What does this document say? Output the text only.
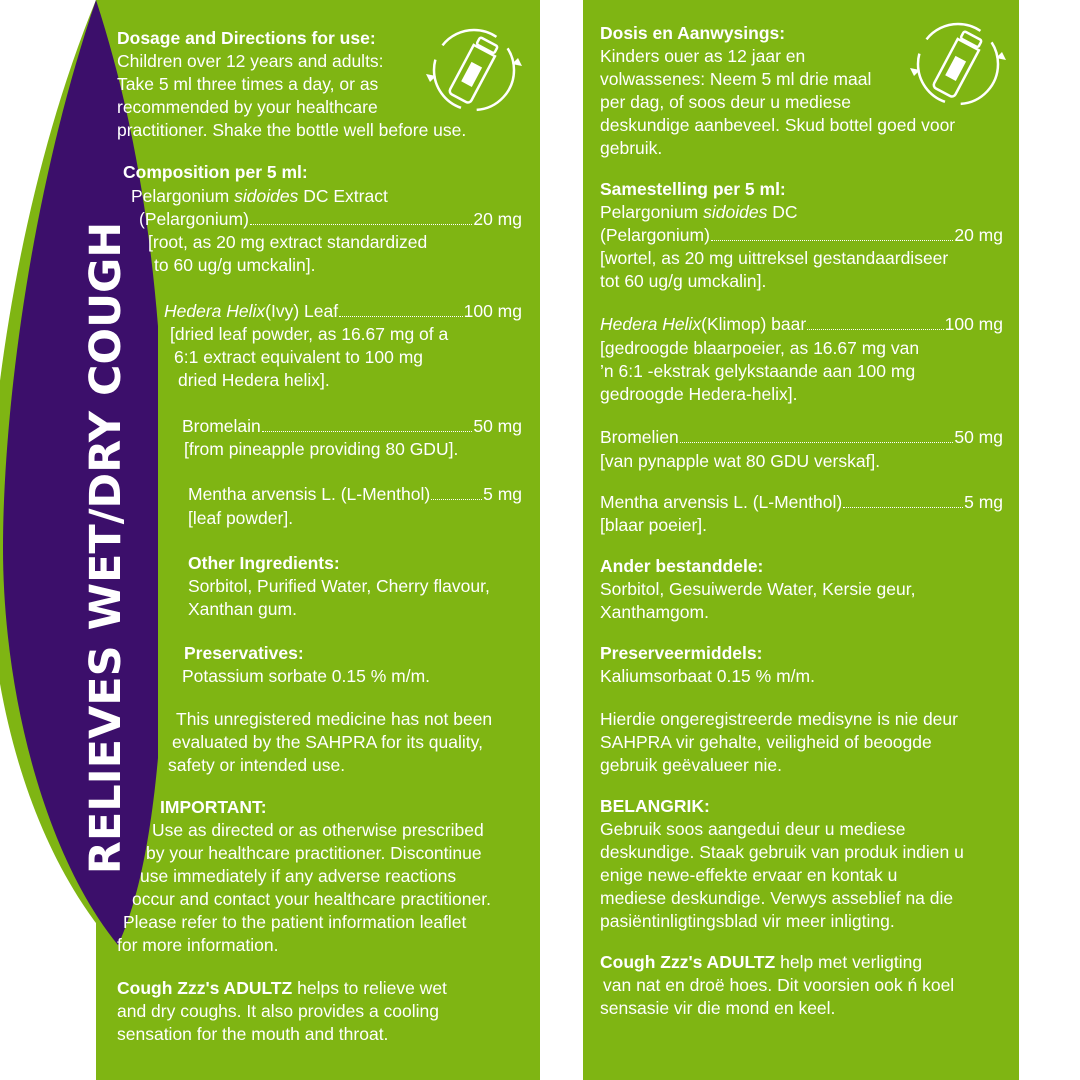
RELIEVES WET/DRY COUGH

Dosage and Directions for use:

Children over 12 years and adults:

Take 5 ml three times a day, or as

recommended by your healthcare

practitioner. Shake the bottle well before use.

Composition per 5 ml:

Pelargonium sidoides DC Extract

(Pelargonium)	20 mg

[root, as 20 mg extract standardized

to 60 ug/g umckalin].

Hedera Helix (Ivy) Leaf	100 mg

[dried leaf powder, as 16.67 mg of a

6:1 extract equivalent to 100 mg

dried Hedera helix].

Bromelain	50 mg

[from pineapple providing 80 GDU].

Mentha arvensis L. (L-Menthol)	5 mg

[leaf powder].

Other Ingredients:

Sorbitol, Purified Water, Cherry flavour,

Xanthan gum.

Preservatives:

Potassium sorbate 0.15 % m/m.

This unregistered medicine has not been

evaluated by the SAHPRA for its quality,

safety or intended use.

IMPORTANT:

Use as directed or as otherwise prescribed

by your healthcare practitioner. Discontinue

use immediately if any adverse reactions

occur and contact your healthcare practitioner.

Please refer to the patient information leaflet

for more information.

Cough Zzz's ADULTZ helps to relieve wet

and dry coughs. It also provides a cooling

sensation for the mouth and throat.

Dosis en Aanwysings:

Kinders ouer as 12 jaar en

volwassenes: Neem 5 ml drie maal

per dag, of soos deur u mediese

deskundige aanbeveel. Skud bottel goed voor

gebruik.

Samestelling per 5 ml:

Pelargonium sidoides DC

(Pelargonium)	20 mg

[wortel, as 20 mg uittreksel gestandaardiseer

tot 60 ug/g umckalin].

Hedera Helix (Klimop) baar	100 mg

[gedroogde blaarpoeier, as 16.67 mg van

’n 6:1 -ekstrak gelykstaande aan 100 mg

gedroogde Hedera-helix].

Bromelien	50 mg

[van pynapple wat 80 GDU verskaf].

Mentha arvensis L. (L-Menthol)	5 mg

[blaar poeier].

Ander bestanddele:

Sorbitol, Gesuiwerde Water, Kersie geur,

Xanthamgom.

Preserveermiddels:

Kaliumsorbaat 0.15 % m/m.

Hierdie ongeregistreerde medisyne is nie deur

SAHPRA vir gehalte, veiligheid of beoogde

gebruik geëvalueer nie.

BELANGRIK:

Gebruik soos aangedui deur u mediese

deskundige. Staak gebruik van produk indien u

enige newe-effekte ervaar en kontak u

mediese deskundige. Verwys asseblief na die

pasiëntinligtingsblad vir meer inligting.

Cough Zzz's ADULTZ help met verligting

van nat en droë hoes. Dit voorsien ook ń koel

sensasie vir die mond en keel.
